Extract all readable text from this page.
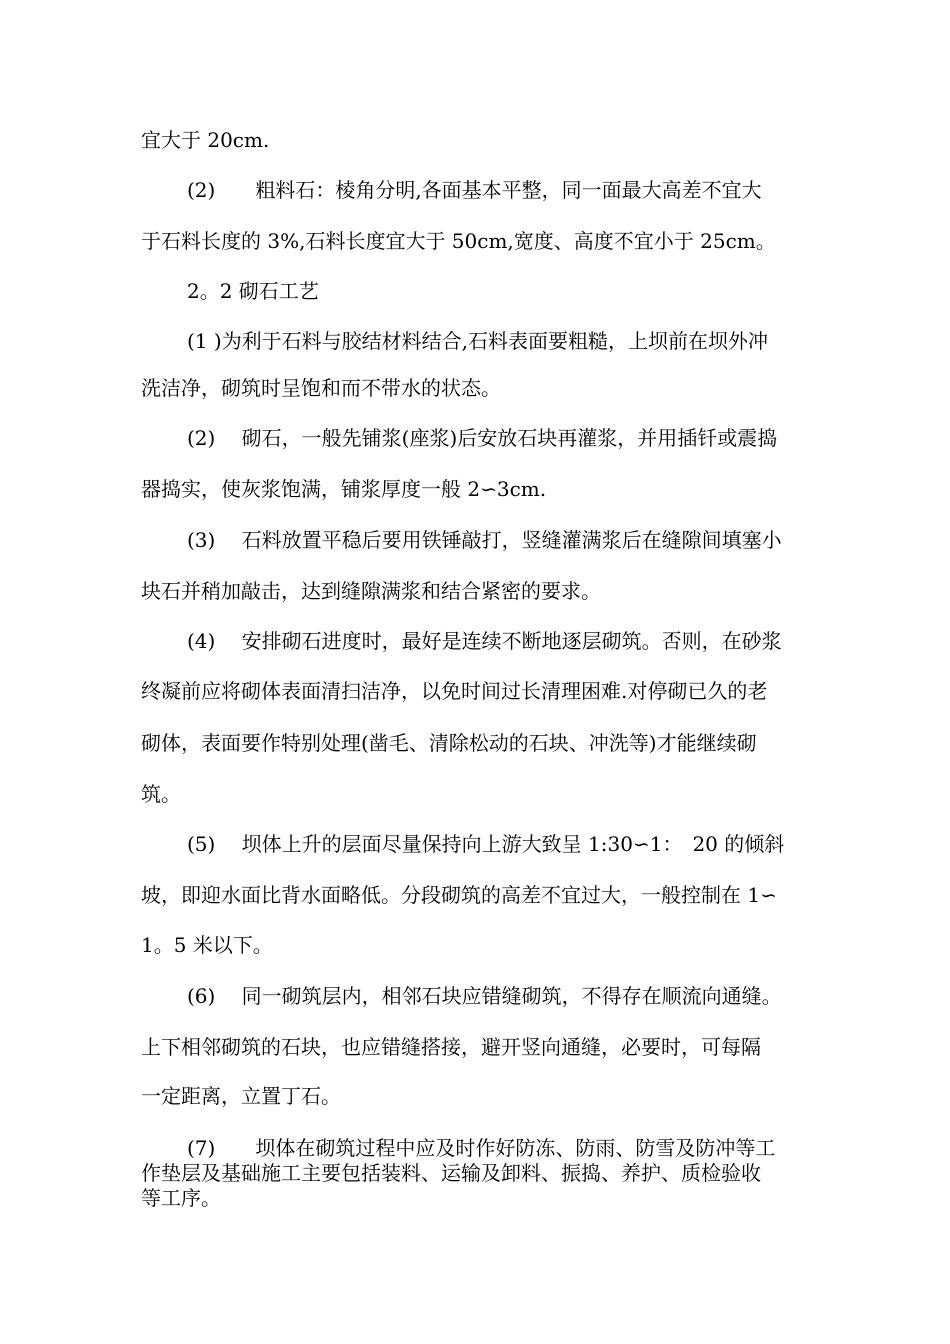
宜大于 20cm.
(2)　　粗料石：棱角分明,各面基本平整，同一面最大高差不宜大
于石料长度的 3%,石料长度宜大于 50cm,宽度、高度不宜小于 25cm。
2。2 砌石工艺
(1 )为利于石料与胶结材料结合,石料表面要粗糙，上坝前在坝外冲
洗洁净，砌筑时呈饱和而不带水的状态。
(2)　 砌石，一般先铺浆(座浆)后安放石块再灌浆，并用插钎或震捣
器捣实，使灰浆饱满，铺浆厚度一般 2∽3cm.
(3)　 石料放置平稳后要用铁锤敲打，竖缝灌满浆后在缝隙间填塞小
块石并稍加敲击，达到缝隙满浆和结合紧密的要求。
(4)　 安排砌石进度时，最好是连续不断地逐层砌筑。否则，在砂浆
终凝前应将砌体表面清扫洁净，以免时间过长清理困难.对停砌已久的老
砌体，表面要作特别处理(凿毛、清除松动的石块、冲洗等)才能继续砌
筑。
(5)　 坝体上升的层面尽量保持向上游大致呈 1:30∽1：　20 的倾斜
坡，即迎水面比背水面略低。分段砌筑的高差不宜过大，一般控制在 1∽
1。5 米以下。
(6)　 同一砌筑层内，相邻石块应错缝砌筑，不得存在顺流向通缝。
上下相邻砌筑的石块，也应错缝搭接，避开竖向通缝，必要时，可每隔
一定距离，立置丁石。
(7)　　坝体在砌筑过程中应及时作好防冻、防雨、防雪及防冲等工
作垫层及基础施工主要包括装料、运输及卸料、振捣、养护、质检验收
等工序。
